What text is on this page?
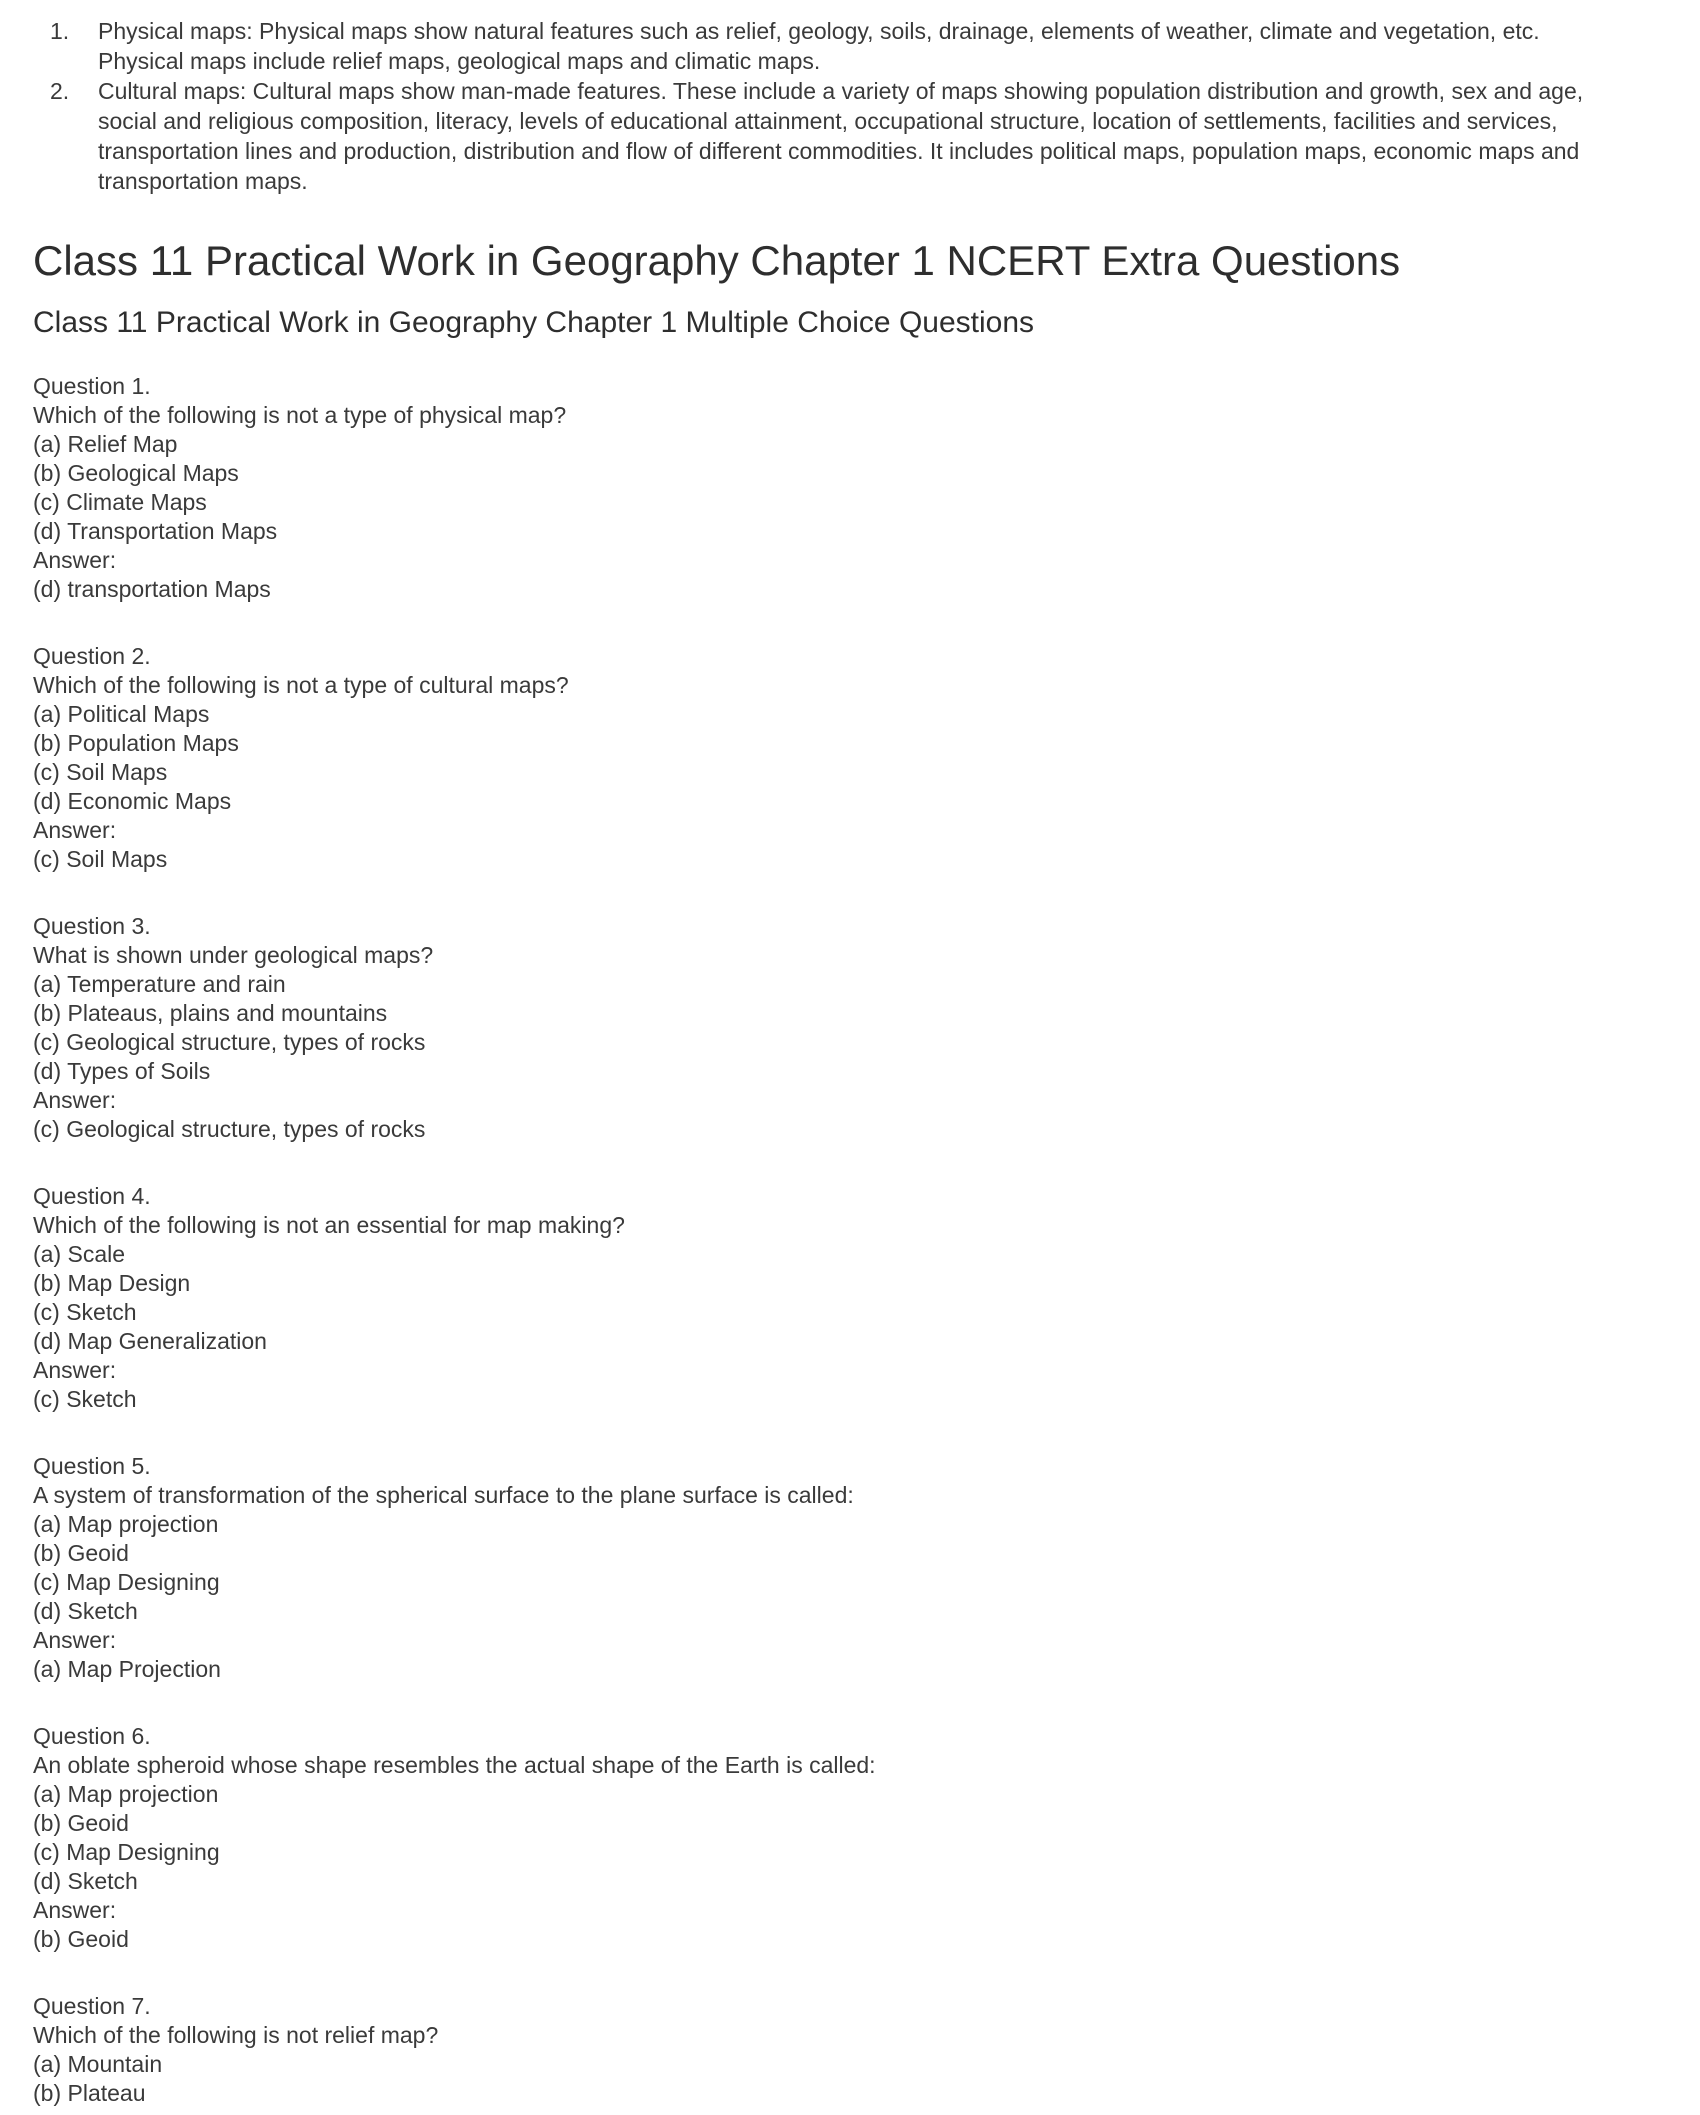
1.	Physical maps: Physical maps show natural features such as relief, geology, soils, drainage, elements of weather, climate and vegetation, etc. Physical maps include relief maps, geological maps and climatic maps.
2.	Cultural maps: Cultural maps show man-made features. These include a variety of maps showing population distribution and growth, sex and age, social and religious composition, literacy, levels of educational attainment, occupational structure, location of settlements, facilities and services, transportation lines and production, distribution and flow of different commodities. It includes political maps, population maps, economic maps and transportation maps.
Class 11 Practical Work in Geography Chapter 1 NCERT Extra Questions
Class 11 Practical Work in Geography Chapter 1 Multiple Choice Questions
Question 1.
Which of the following is not a type of physical map?
(a) Relief Map
(b) Geological Maps
(c) Climate Maps
(d) Transportation Maps
Answer:
(d) transportation Maps
Question 2.
Which of the following is not a type of cultural maps?
(a) Political Maps
(b) Population Maps
(c) Soil Maps
(d) Economic Maps
Answer:
(c) Soil Maps
Question 3.
What is shown under geological maps?
(a) Temperature and rain
(b) Plateaus, plains and mountains
(c) Geological structure, types of rocks
(d) Types of Soils
Answer:
(c) Geological structure, types of rocks
Question 4.
Which of the following is not an essential for map making?
(a) Scale
(b) Map Design
(c) Sketch
(d) Map Generalization
Answer:
(c) Sketch
Question 5.
A system of transformation of the spherical surface to the plane surface is called:
(a) Map projection
(b) Geoid
(c) Map Designing
(d) Sketch
Answer:
(a) Map Projection
Question 6.
An oblate spheroid whose shape resembles the actual shape of the Earth is called:
(a) Map projection
(b) Geoid
(c) Map Designing
(d) Sketch
Answer:
(b) Geoid
Question 7.
Which of the following is not relief map?
(a) Mountain
(b) Plateau
